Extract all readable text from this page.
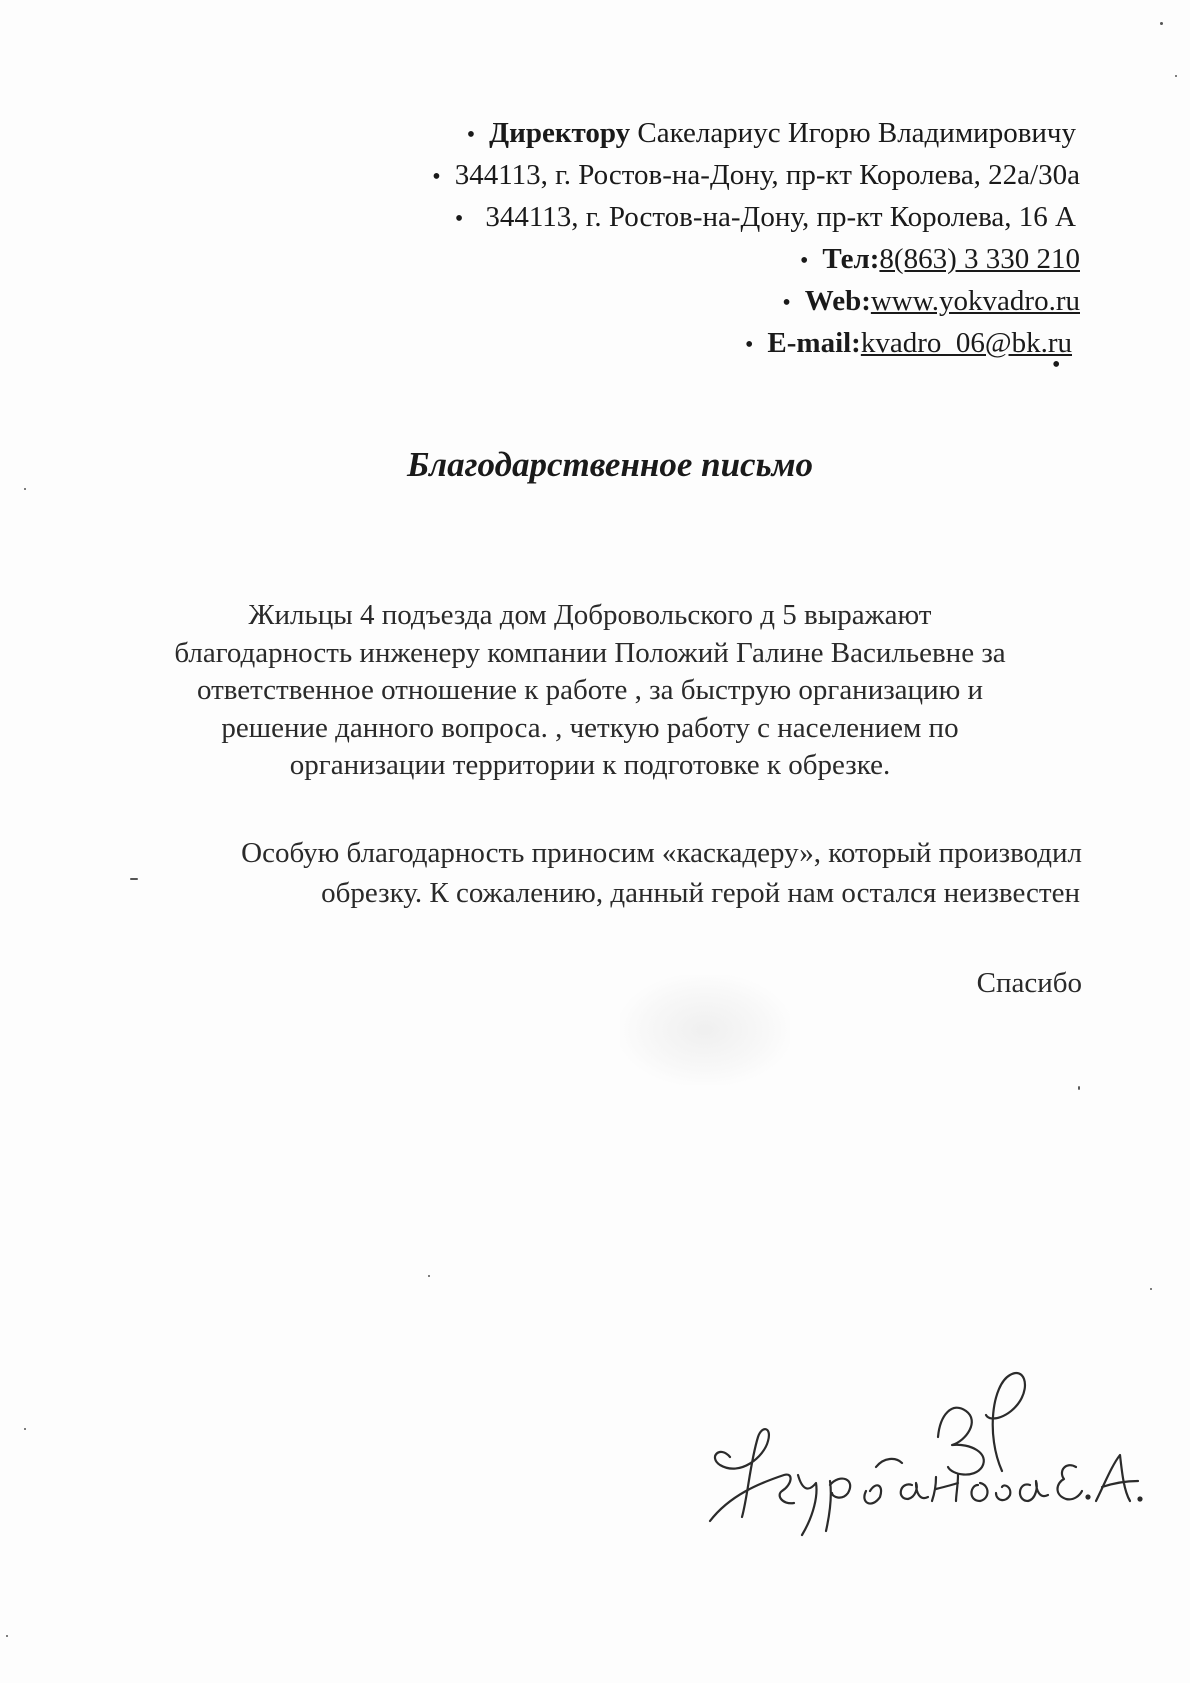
• Директору Сакелариус Игорю Владимировичу
• 344113, г. Ростов-на-Дону, пр-кт Королева, 22а/30а
• 344113, г. Ростов-на-Дону, пр-кт Королева, 16 А
• Тел:8(863) 3 330 210
• Web:www.yokvadro.ru
• E-mail:kvadro_06@bk.ru
•
Благодарственное письмо
Жильцы 4 подъезда дом Добровольского д 5 выражают
благодарность инженеру компании Положий Галине Васильевне за
ответственное отношение к работе , за быструю организацию и
решение данного вопроса. , четкую работу с населением по
организации территории к подготовке к обрезке.
Особую благодарность приносим «каскадеру», который производил
обрезку. К сожалению, данный герой нам остался неизвестен
Спасибо
